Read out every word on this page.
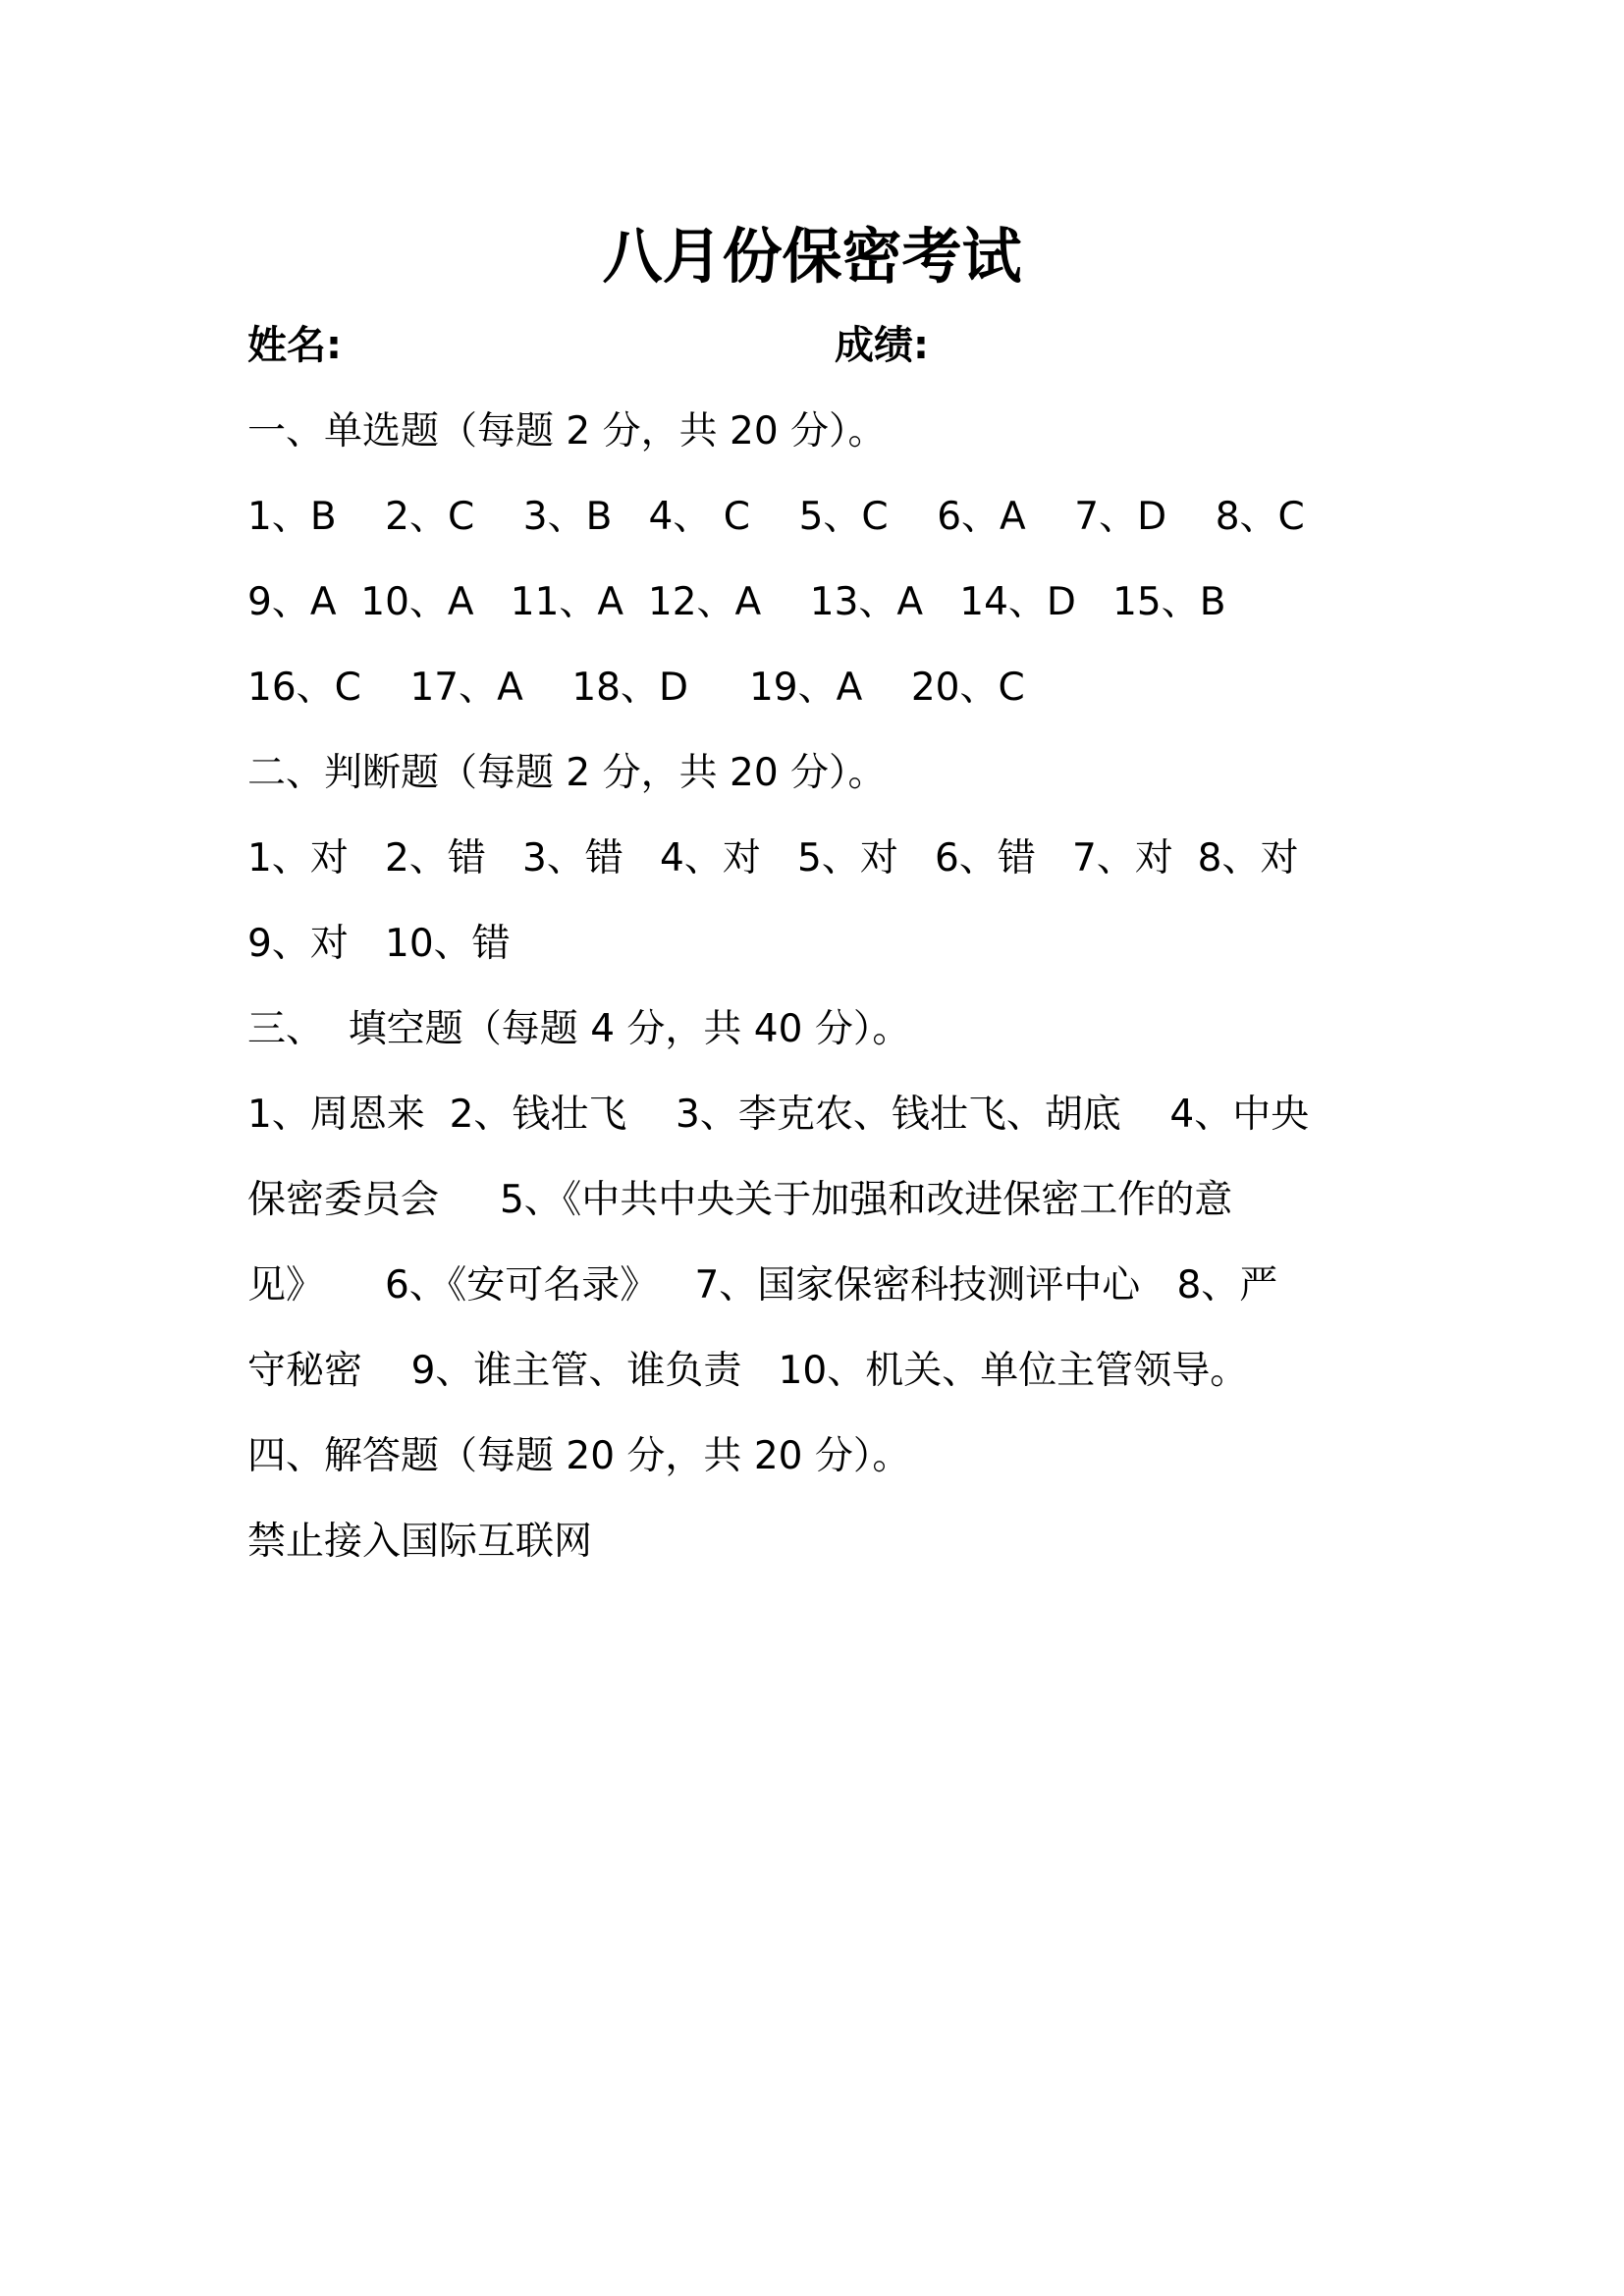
八月份保密考试
姓名:	成绩:

一、单选题（每题 2 分，共 20 分）。

1、B    2、C    3、B   4、 C    5、C    6、A    7、D    8、C

9、A  10、A   11、A  12、A    13、A   14、D   15、B

16、C    17、A    18、D     19、A    20、C

二、判断题（每题 2 分，共 20 分）。

1、对   2、错   3、错   4、对   5、对   6、错   7、对  8、对

9、对   10、错

三、  填空题（每题 4 分，共 40 分）。

1、周恩来  2、钱壮飞    3、李克农、钱壮飞、胡底    4、中央

保密委员会     5、《中共中央关于加强和改进保密工作的意

见》     6、《安可名录》   7、国家保密科技测评中心   8、严

守秘密    9、谁主管、谁负责   10、机关、单位主管领导。

四、解答题（每题 20 分，共 20 分）。

禁止接入国际互联网
